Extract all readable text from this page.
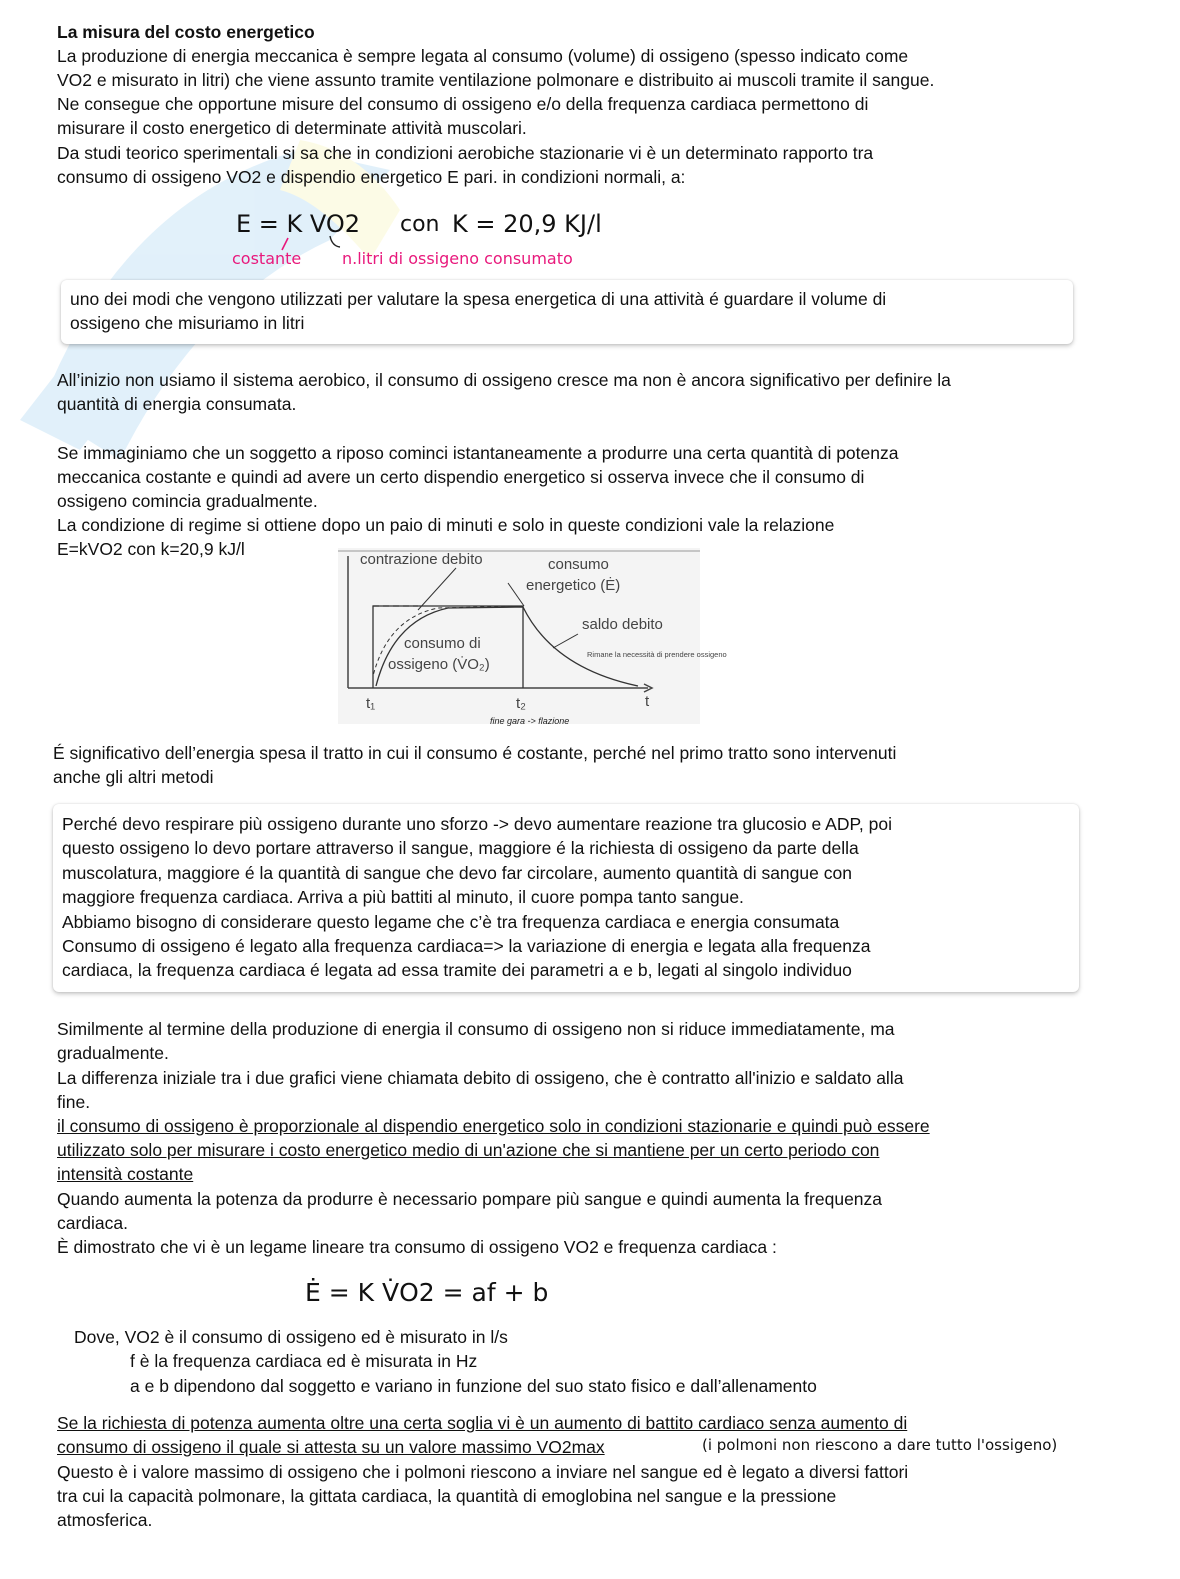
La misura del costo energetico

La produzione di energia meccanica è sempre legata al consumo (volume) di ossigeno (spesso indicato come

VO2 e misurato in litri) che viene assunto tramite ventilazione polmonare e distribuito ai muscoli tramite il sangue.

Ne consegue che opportune misure del consumo di ossigeno e/o della frequenza cardiaca permettono di

misurare il costo energetico di determinate attività muscolari.

Da studi teorico sperimentali si sa che in condizioni aerobiche stazionarie vi è un determinato rapporto tra

consumo di ossigeno VO2 e dispendio energetico E pari. in condizioni normali, a:

E = K VO2 con K = 20,9 KJ/l
costante	n.litri di ossigeno consumato

uno dei modi che vengono utilizzati per valutare la spesa energetica di una attività é guardare il volume di

ossigeno che misuriamo in litri

All’inizio non usiamo il sistema aerobico, il consumo di ossigeno cresce ma non è ancora significativo per definire la

quantità di energia consumata.

Se immaginiamo che un soggetto a riposo cominci istantaneamente a produrre una certa quantità di potenza

meccanica costante e quindi ad avere un certo dispendio energetico si osserva invece che il consumo di

ossigeno comincia gradualmente.

La condizione di regime si ottiene dopo un paio di minuti e solo in queste condizioni vale la relazione

E=kVO2 con k=20,9 kJ/l

contrazione debito	consumo
energetico (Ė)
saldo debito
Rimane la necessità di prendere ossigeno
consumo di
ossigeno (V̇O₂)
t₁	t₂	t
fine gara -> flazione

É significativo dell’energia spesa il tratto in cui il consumo é costante, perché nel primo tratto sono intervenuti

anche gli altri metodi

Perché devo respirare più ossigeno durante uno sforzo -> devo aumentare reazione tra glucosio e ADP, poi

questo ossigeno lo devo portare attraverso il sangue, maggiore é la richiesta di ossigeno da parte della

muscolatura, maggiore é la quantità di sangue che devo far circolare, aumento quantità di sangue con

maggiore frequenza cardiaca. Arriva a più battiti al minuto, il cuore pompa tanto sangue.

Abbiamo bisogno di considerare questo legame che c’è tra frequenza cardiaca e energia consumata

Consumo di ossigeno é legato alla frequenza cardiaca=> la variazione di energia e legata alla frequenza

cardiaca, la frequenza cardiaca é legata ad essa tramite dei parametri a e b, legati al singolo individuo

Similmente al termine della produzione di energia il consumo di ossigeno non si riduce immediatamente, ma

gradualmente.

La differenza iniziale tra i due grafici viene chiamata debito di ossigeno, che è contratto all'inizio e saldato alla

fine.

il consumo di ossigeno è proporzionale al dispendio energetico solo in condizioni stazionarie e quindi può essere

utilizzato solo per misurare i costo energetico medio di un'azione che si mantiene per un certo periodo con

intensità costante

Quando aumenta la potenza da produrre è necessario pompare più sangue e quindi aumenta la frequenza

cardiaca.

È dimostrato che vi è un legame lineare tra consumo di ossigeno VO2 e frequenza cardiaca :

Ė = K V̇O2 = af + b

Dove, VO2 è il consumo di ossigeno ed è misurato in l/s

f è la frequenza cardiaca ed è misurata in Hz

a e b dipendono dal soggetto e variano in funzione del suo stato fisico e dall’allenamento

Se la richiesta di potenza aumenta oltre una certa soglia vi è un aumento di battito cardiaco senza aumento di

consumo di ossigeno il quale si attesta su un valore massimo VO2max	(i polmoni non riescono a dare tutto l'ossigeno)

Questo è i valore massimo di ossigeno che i polmoni riescono a inviare nel sangue ed è legato a diversi fattori

tra cui la capacità polmonare, la gittata cardiaca, la quantità di emoglobina nel sangue e la pressione

atmosferica.
